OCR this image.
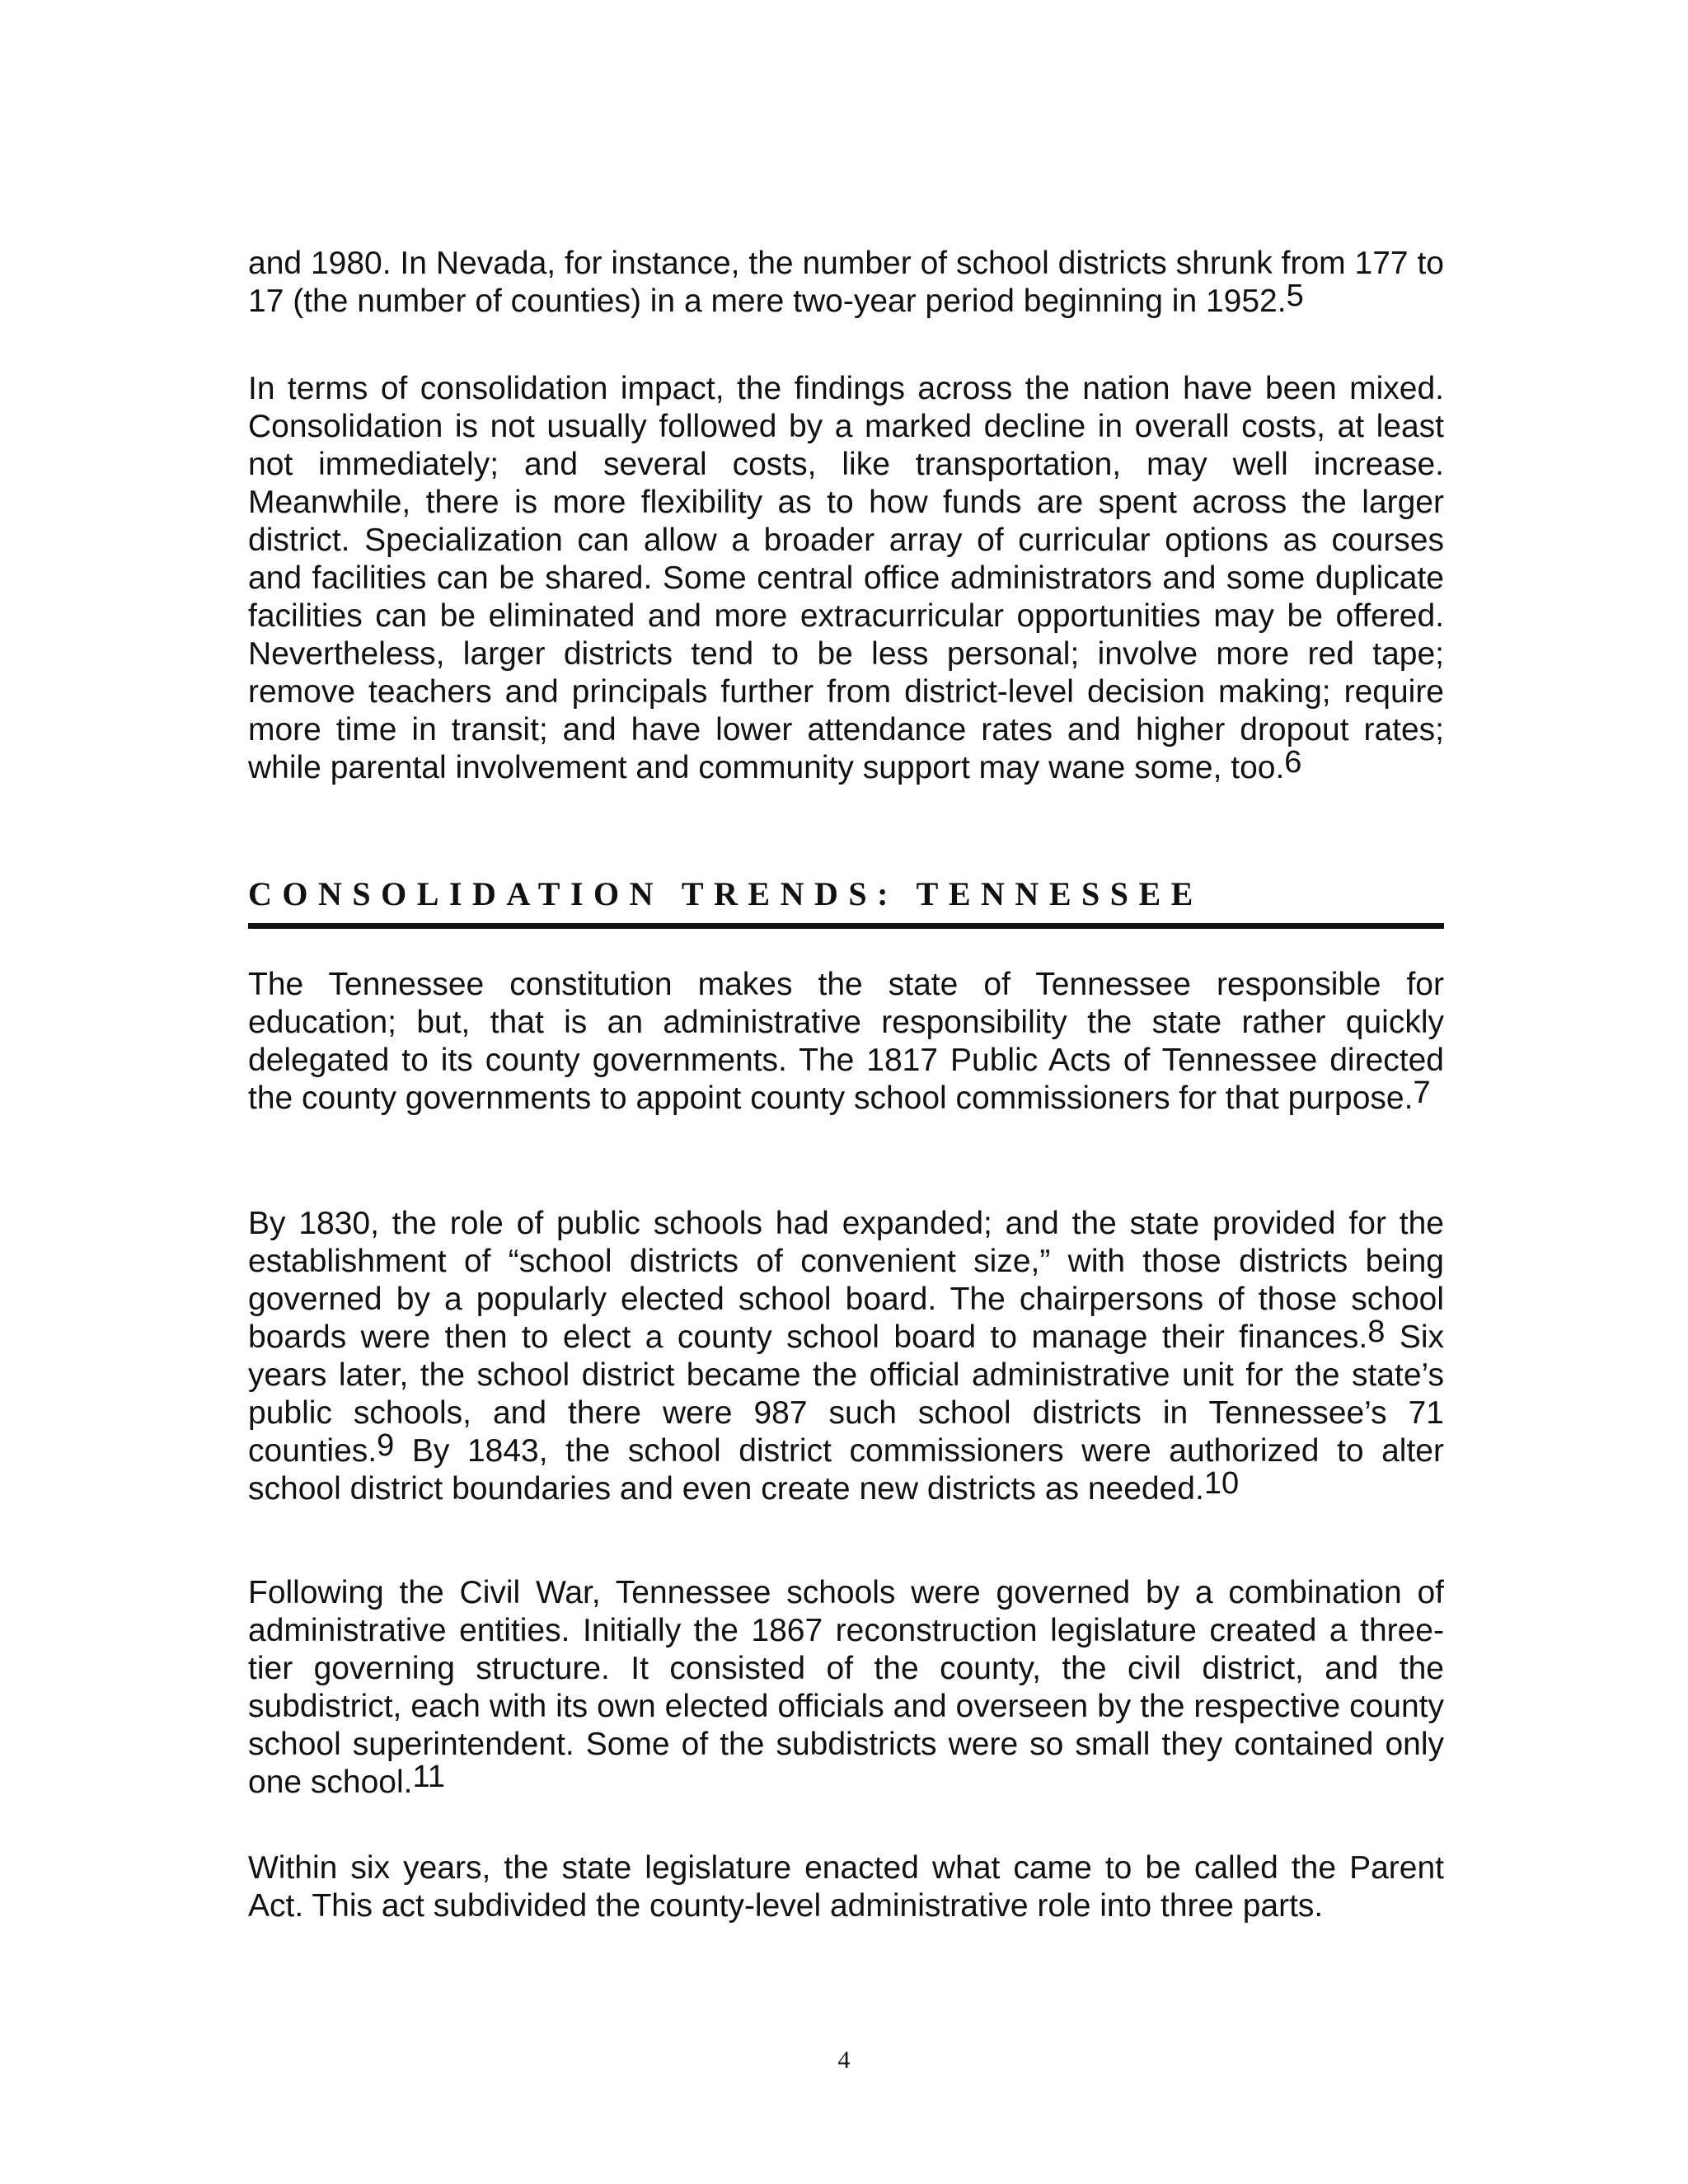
and 1980. In Nevada, for instance, the number of school districts shrunk from 177 to 17 (the number of counties) in a mere two-year period beginning in 1952.$^5$

In terms of consolidation impact, the findings across the nation have been mixed. Consolidation is not usually followed by a marked decline in overall costs, at least not immediately; and several costs, like transportation, may well increase. Meanwhile, there is more flexibility as to how funds are spent across the larger district. Specialization can allow a broader array of curricular options as courses and facilities can be shared. Some central office administrators and some duplicate facilities can be eliminated and more extracurricular opportunities may be offered. Nevertheless, larger districts tend to be less personal; involve more red tape; remove teachers and principals further from district-level decision making; require more time in transit; and have lower attendance rates and higher dropout rates; while parental involvement and community support may wane some, too.$^6$

CONSOLIDATION TRENDS: TENNESSEE

The Tennessee constitution makes the state of Tennessee responsible for education; but, that is an administrative responsibility the state rather quickly delegated to its county governments. The 1817 Public Acts of Tennessee directed the county governments to appoint county school commissioners for that purpose.$^7$

By 1830, the role of public schools had expanded; and the state provided for the establishment of “school districts of convenient size,” with those districts being governed by a popularly elected school board. The chairpersons of those school boards were then to elect a county school board to manage their finances.$^8$ Six years later, the school district became the official administrative unit for the state’s public schools, and there were 987 such school districts in Tennessee’s 71 counties.$^9$ By 1843, the school district commissioners were authorized to alter school district boundaries and even create new districts as needed.$^{10}$

Following the Civil War, Tennessee schools were governed by a combination of administrative entities. Initially the 1867 reconstruction legislature created a three-tier governing structure. It consisted of the county, the civil district, and the subdistrict, each with its own elected officials and overseen by the respective county school superintendent. Some of the subdistricts were so small they contained only one school.$^{11}$

Within six years, the state legislature enacted what came to be called the Parent Act. This act subdivided the county-level administrative role into three parts.

4
